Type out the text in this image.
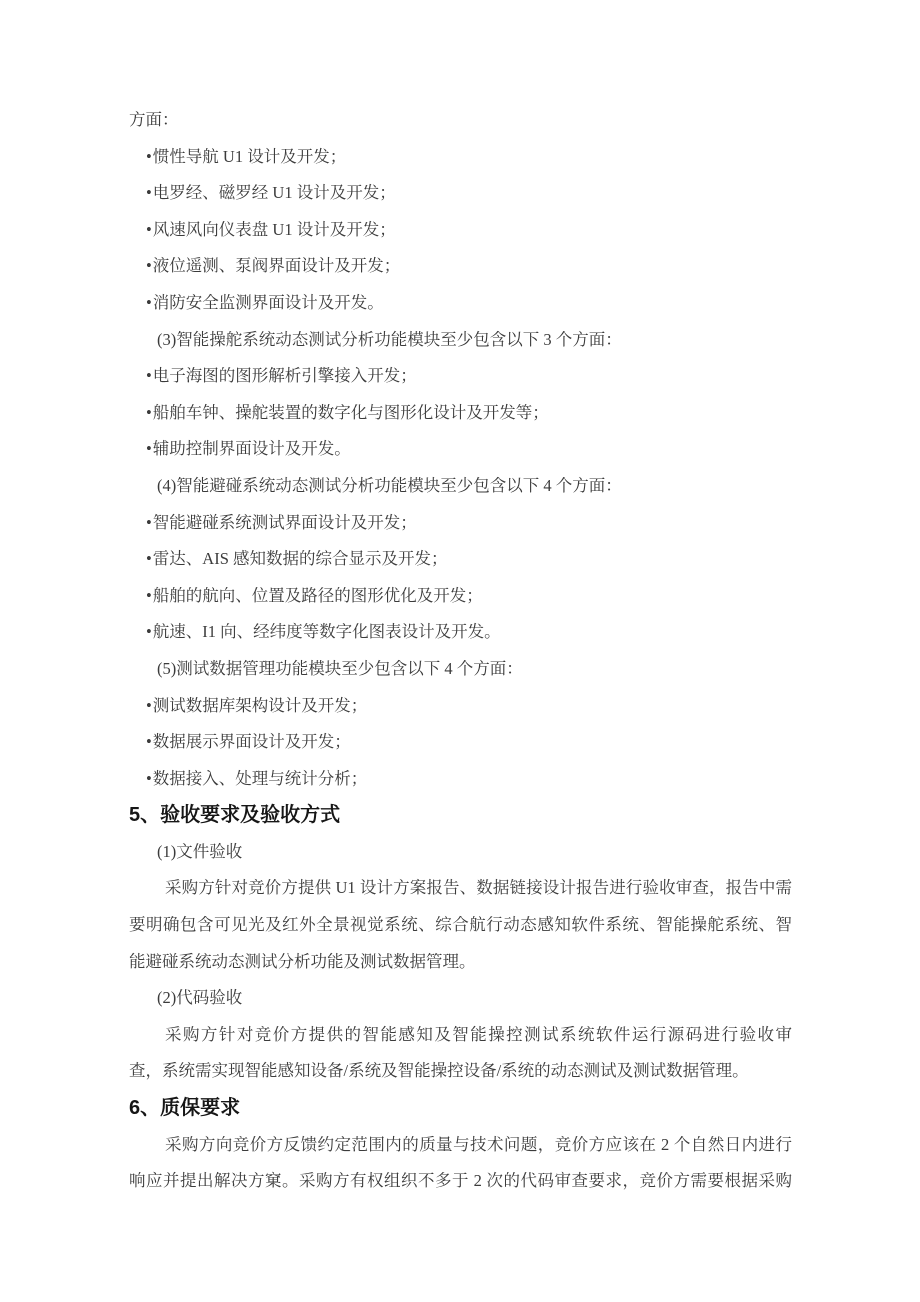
方面：
•惯性导航 U1 设计及开发；
•电罗经、磁罗经 U1 设计及开发；
•风速风向仪表盘 U1 设计及开发；
•液位遥测、泵阀界面设计及开发；
•消防安全监测界面设计及开发。
(3)智能操舵系统动态测试分析功能模块至少包含以下 3 个方面：
•电子海图的图形解析引擎接入开发；
•船舶车钟、操舵装置的数字化与图形化设计及开发等；
•辅助控制界面设计及开发。
(4)智能避碰系统动态测试分析功能模块至少包含以下 4 个方面：
•智能避碰系统测试界面设计及开发；
•雷达、AIS 感知数据的综合显示及开发；
•船舶的航向、位置及路径的图形优化及开发；
•航速、I1 向、经纬度等数字化图表设计及开发。
(5)测试数据管理功能模块至少包含以下 4 个方面：
•测试数据库架构设计及开发；
•数据展示界面设计及开发；
•数据接入、处理与统计分析；
5、验收要求及验收方式
(1)文件验收
采购方针对竞价方提供 U1 设计方案报告、数据链接设计报告进行验收审查，报告中需
要明确包含可见光及红外全景视觉系统、综合航行动态感知软件系统、智能操舵系统、智
能避碰系统动态测试分析功能及测试数据管理。
(2)代码验收
采购方针对竞价方提供的智能感知及智能操控测试系统软件运行源码进行验收审
查，系统需实现智能感知设备/系统及智能操控设备/系统的动态测试及测试数据管理。
6、质保要求
采购方向竞价方反馈约定范围内的质量与技术问题，竞价方应该在 2 个自然日内进行
响应并提出解决方窠。采购方有权组织不多于 2 次的代码审查要求，竞价方需要根据采购
